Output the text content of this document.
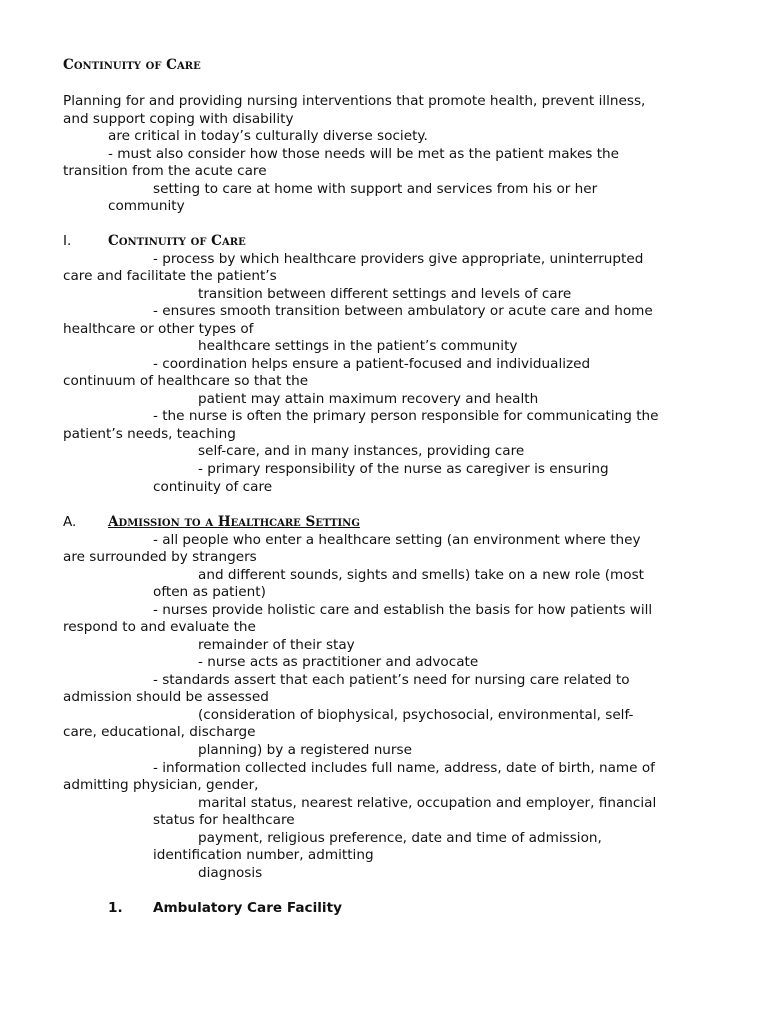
Continuity of Care
Planning for and providing nursing interventions that promote health, prevent illness,
and support coping with disability
are critical in today’s culturally diverse society.
- must also consider how those needs will be met as the patient makes the
transition from the acute care
setting to care at home with support and services from his or her
community
I.	Continuity of Care
- process by which healthcare providers give appropriate, uninterrupted
care and facilitate the patient’s
transition between different settings and levels of care
- ensures smooth transition between ambulatory or acute care and home
healthcare or other types of
healthcare settings in the patient’s community
- coordination helps ensure a patient-focused and individualized
continuum of healthcare so that the
patient may attain maximum recovery and health
- the nurse is often the primary person responsible for communicating the
patient’s needs, teaching
self-care, and in many instances, providing care
- primary responsibility of the nurse as caregiver is ensuring
continuity of care
A. Admission to a Healthcare Setting
- all people who enter a healthcare setting (an environment where they
are surrounded by strangers
and different sounds, sights and smells) take on a new role (most
often as patient)
- nurses provide holistic care and establish the basis for how patients will
respond to and evaluate the
remainder of their stay
- nurse acts as practitioner and advocate
- standards assert that each patient’s need for nursing care related to
admission should be assessed
(consideration of biophysical, psychosocial, environmental, self-
care, educational, discharge
planning) by a registered nurse
- information collected includes full name, address, date of birth, name of
admitting physician, gender,
marital status, nearest relative, occupation and employer, financial
status for healthcare
payment, religious preference, date and time of admission,
identification number, admitting
diagnosis
1. Ambulatory Care Facility
